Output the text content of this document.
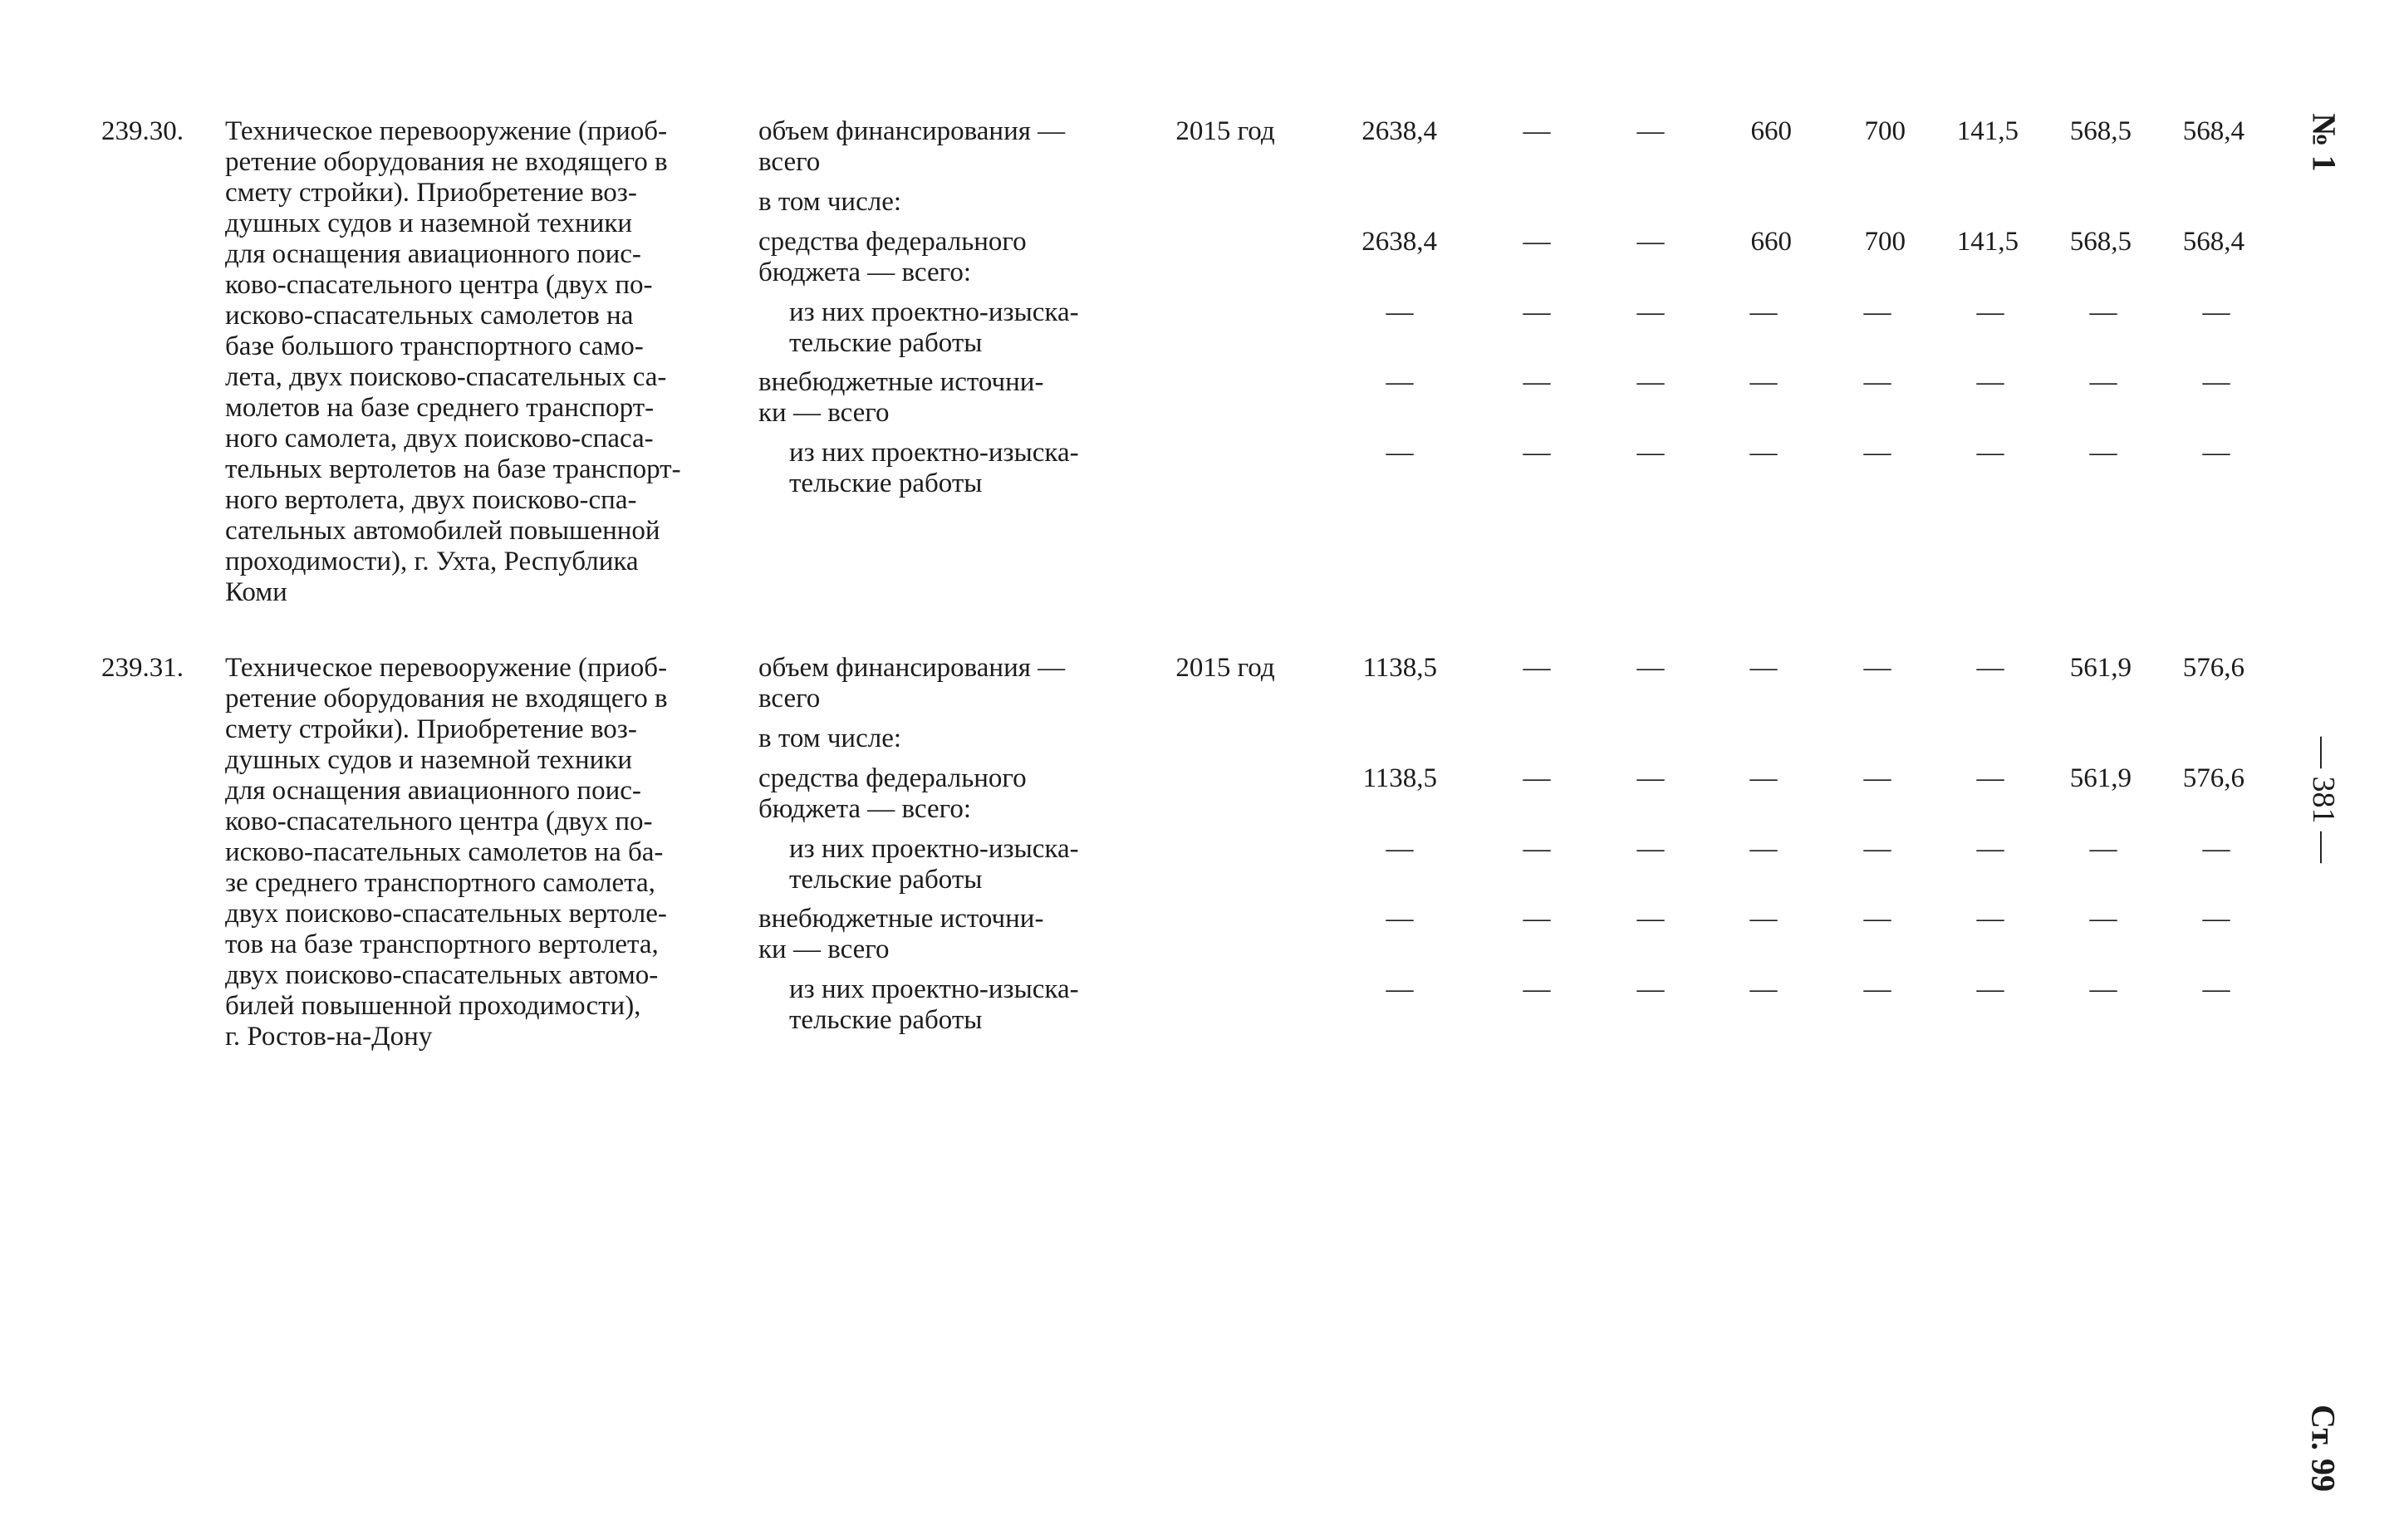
239.30. Техническое перевооружение (приоб-
ретение оборудования не входящего в
смету стройки). Приобретение воз-
душных судов и наземной техники
для оснащения авиационного поис-
ково-спасательного центра (двух по-
исково-спасательных самолетов на
базе большого транспортного само-
лета, двух поисково-спасательных са-
молетов на базе среднего транспорт-
ного самолета, двух поисково-спаса-
тельных вертолетов на базе транспорт-
ного вертолета, двух поисково-спа-
сательных автомобилей повышенной
проходимости), г. Ухта, Республика
Коми
объем финансирования —
всего
2015 год	2638,4	—	—	660	700	141,5	568,5	568,4
в том числе:
средства федерального
бюджета — всего:
2638,4	—	—	660	700	141,5	568,5	568,4
из них проектно-изыска-
тельские работы
—	—	—	—	—	—	—	—
внебюджетные источни-
ки — всего
—	—	—	—	—	—	—	—
из них проектно-изыска-
тельские работы
—	—	—	—	—	—	—	—
239.31. Техническое перевооружение (приоб-
ретение оборудования не входящего в
смету стройки). Приобретение воз-
душных судов и наземной техники
для оснащения авиационного поис-
ково-спасательного центра (двух по-
исково-пасательных самолетов на ба-
зе среднего транспортного самолета,
двух поисково-спасательных вертоле-
тов на базе транспортного вертолета,
двух поисково-спасательных автомо-
билей повышенной проходимости),
г. Ростов-на-Дону
объем финансирования —
всего
2015 год	1138,5	—	—	—	—	—	561,9	576,6
в том числе:
средства федерального
бюджета — всего:
1138,5	—	—	—	—	—	561,9	576,6
из них проектно-изыска-
тельские работы
—	—	—	—	—	—	—	—
внебюджетные источни-
ки — всего
—	—	—	—	—	—	—	—
из них проектно-изыска-
тельские работы
—	—	—	—	—	—	—	—
№ 1
— 381 —
Ст. 99
